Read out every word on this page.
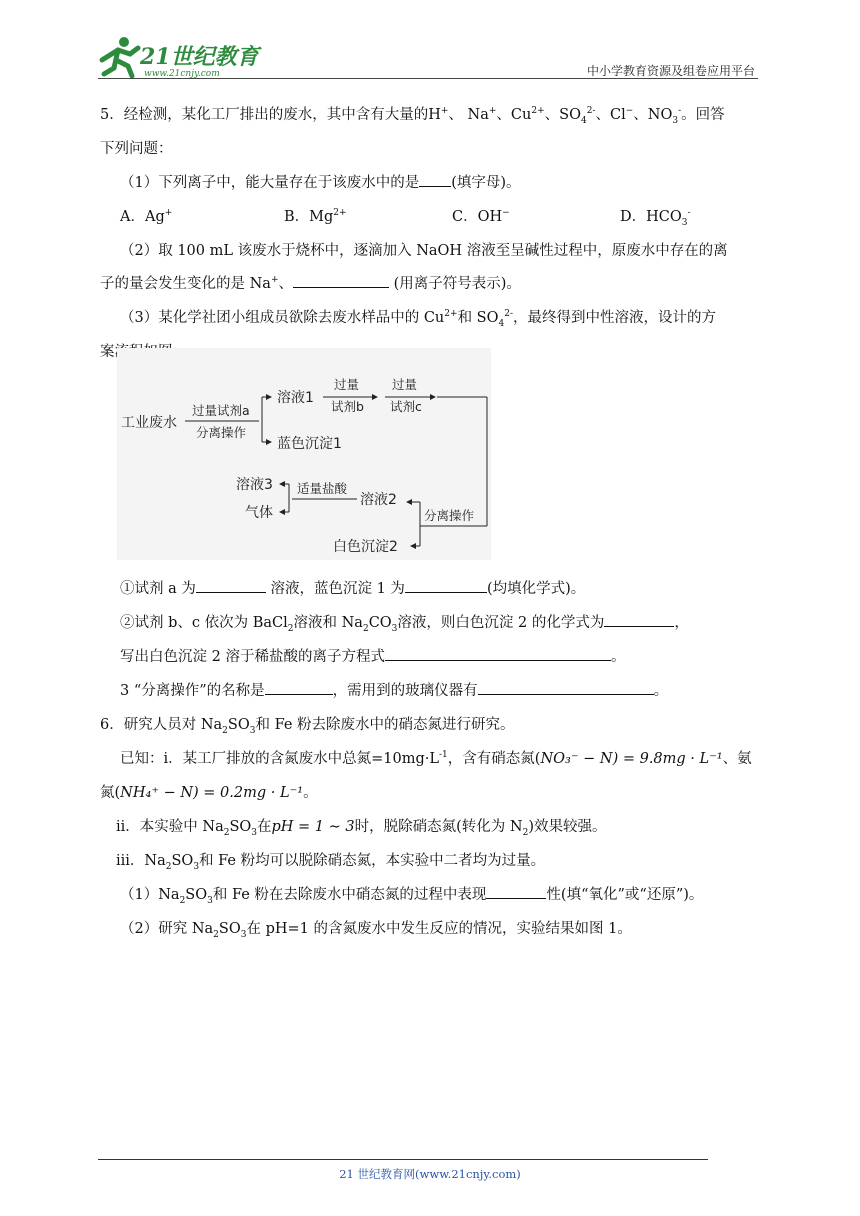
21世纪教育
www.21cnjy.com	中小学教育资源及组卷应用平台
5．经检测，某化工厂排出的废水，其中含有大量的H+、 Na+、$Cu^{2+}$、$SO_4^{2-}$、Cl−、$NO_3^-$。回答
下列问题：
（1）下列离子中，能大量存在于该废水中的是 (填字母)。
A．Ag+	B．$Mg^{2+}$	C．OH−	D．$HCO_3^-$
（2）取 100 mL 该废水于烧杯中，逐滴加入 NaOH 溶液至呈碱性过程中，原废水中存在的离
子的量会发生变化的是 Na+、	(用离子符号表示)。
（3）某化学社团小组成员欲除去废水样品中的 $Cu^{2+}$和 $SO_4^{2-}$，最终得到中性溶液，设计的方
案流程如图：
工业废水
过量试剂a
分离操作
溶液1
蓝色沉淀1
过量
试剂b
过量
试剂c
溶液3
气体
适量盐酸
溶液2
分离操作
白色沉淀2
①试剂 a 为	溶液，蓝色沉淀 1 为	(均填化学式)。
②试剂 b、c 依次为 BaCl$_2$溶液和 $Na_2CO_3$溶液，则白色沉淀 2 的化学式为	，
写出白色沉淀 2 溶于稀盐酸的离子方程式	。
3 “分离操作”的名称是	，需用到的玻璃仪器有	。
6．研究人员对 $Na_2SO_3$和 Fe 粉去除废水中的硝态氮进行研究。
已知：i．某工厂排放的含氮废水中总氮$=10mg\cdot L^{-1}$，含有硝态氮(NO₃⁻ − N) = 9.8mg · L⁻¹、氨
氮(NH₄⁺ − N) = 0.2mg · L⁻¹。
ii．本实验中 $Na_2SO_3$在pH = 1 ∼ 3时，脱除硝态氮(转化为 $N_2$)效果较强。
iii．$Na_2SO_3$和 Fe 粉均可以脱除硝态氮，本实验中二者均为过量。
$(1)Na_2SO_3$和 Fe 粉在去除废水中硝态氮的过程中表现	性(填“氧化”或“还原”)。
（2）研究 $Na_2SO_3$在 pH=1 的含氮废水中发生反应的情况，实验结果如图 1。
21 世纪教育网(www.21cnjy.com)
